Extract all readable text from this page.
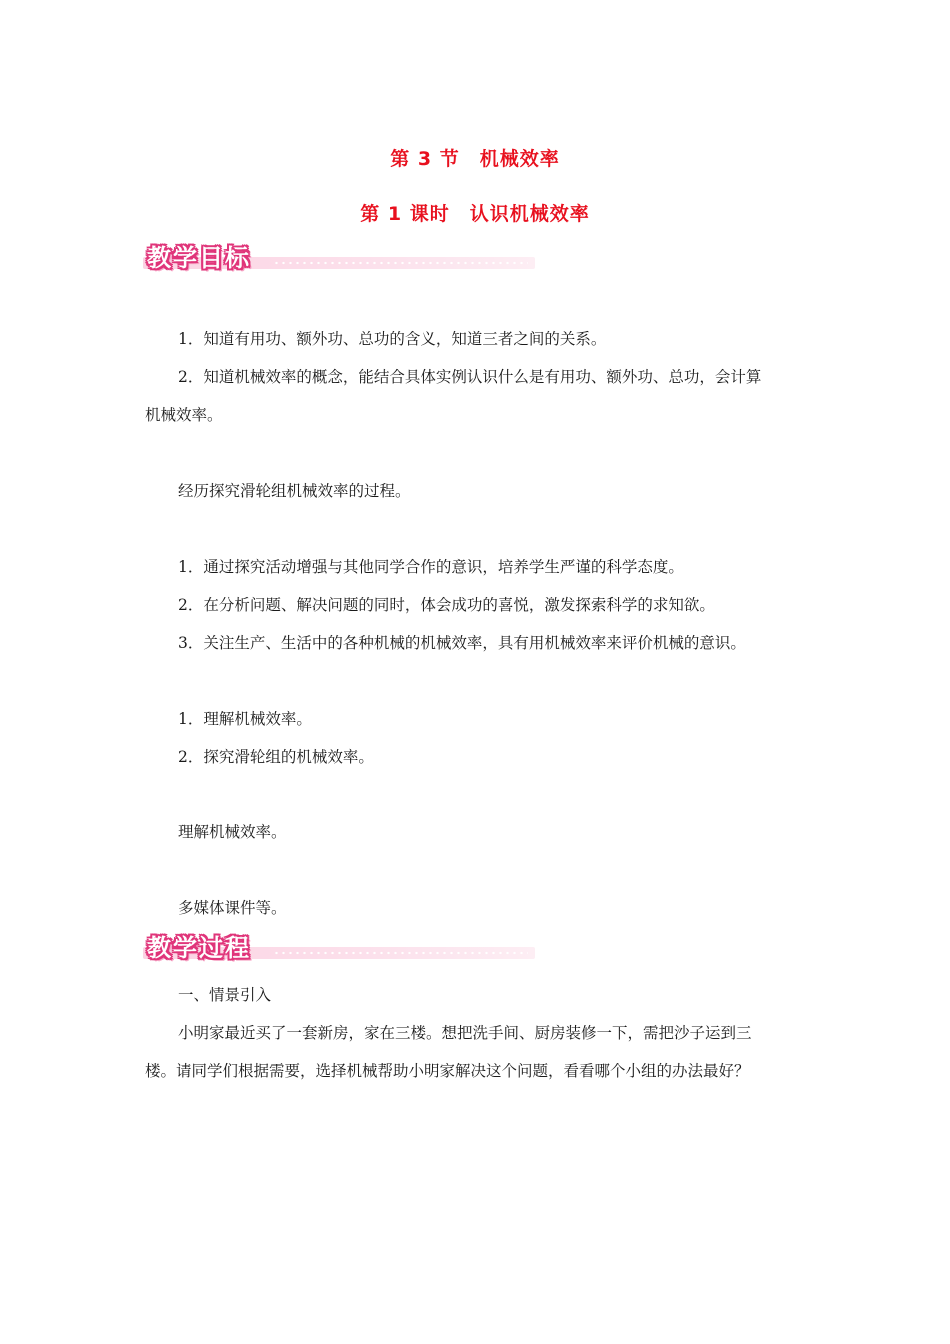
第 3 节　机械效率
第 1 课时　认识机械效率
教学目标
1．知道有用功、额外功、总功的含义，知道三者之间的关系。
2．知道机械效率的概念，能结合具体实例认识什么是有用功、额外功、总功，会计算
机械效率。
经历探究滑轮组机械效率的过程。
1．通过探究活动增强与其他同学合作的意识，培养学生严谨的科学态度。
2．在分析问题、解决问题的同时，体会成功的喜悦，激发探索科学的求知欲。
3．关注生产、生活中的各种机械的机械效率，具有用机械效率来评价机械的意识。
1．理解机械效率。
2．探究滑轮组的机械效率。
理解机械效率。
多媒体课件等。
教学过程
一、情景引入
小明家最近买了一套新房，家在三楼。想把洗手间、厨房装修一下，需把沙子运到三
楼。请同学们根据需要，选择机械帮助小明家解决这个问题，看看哪个小组的办法最好？
